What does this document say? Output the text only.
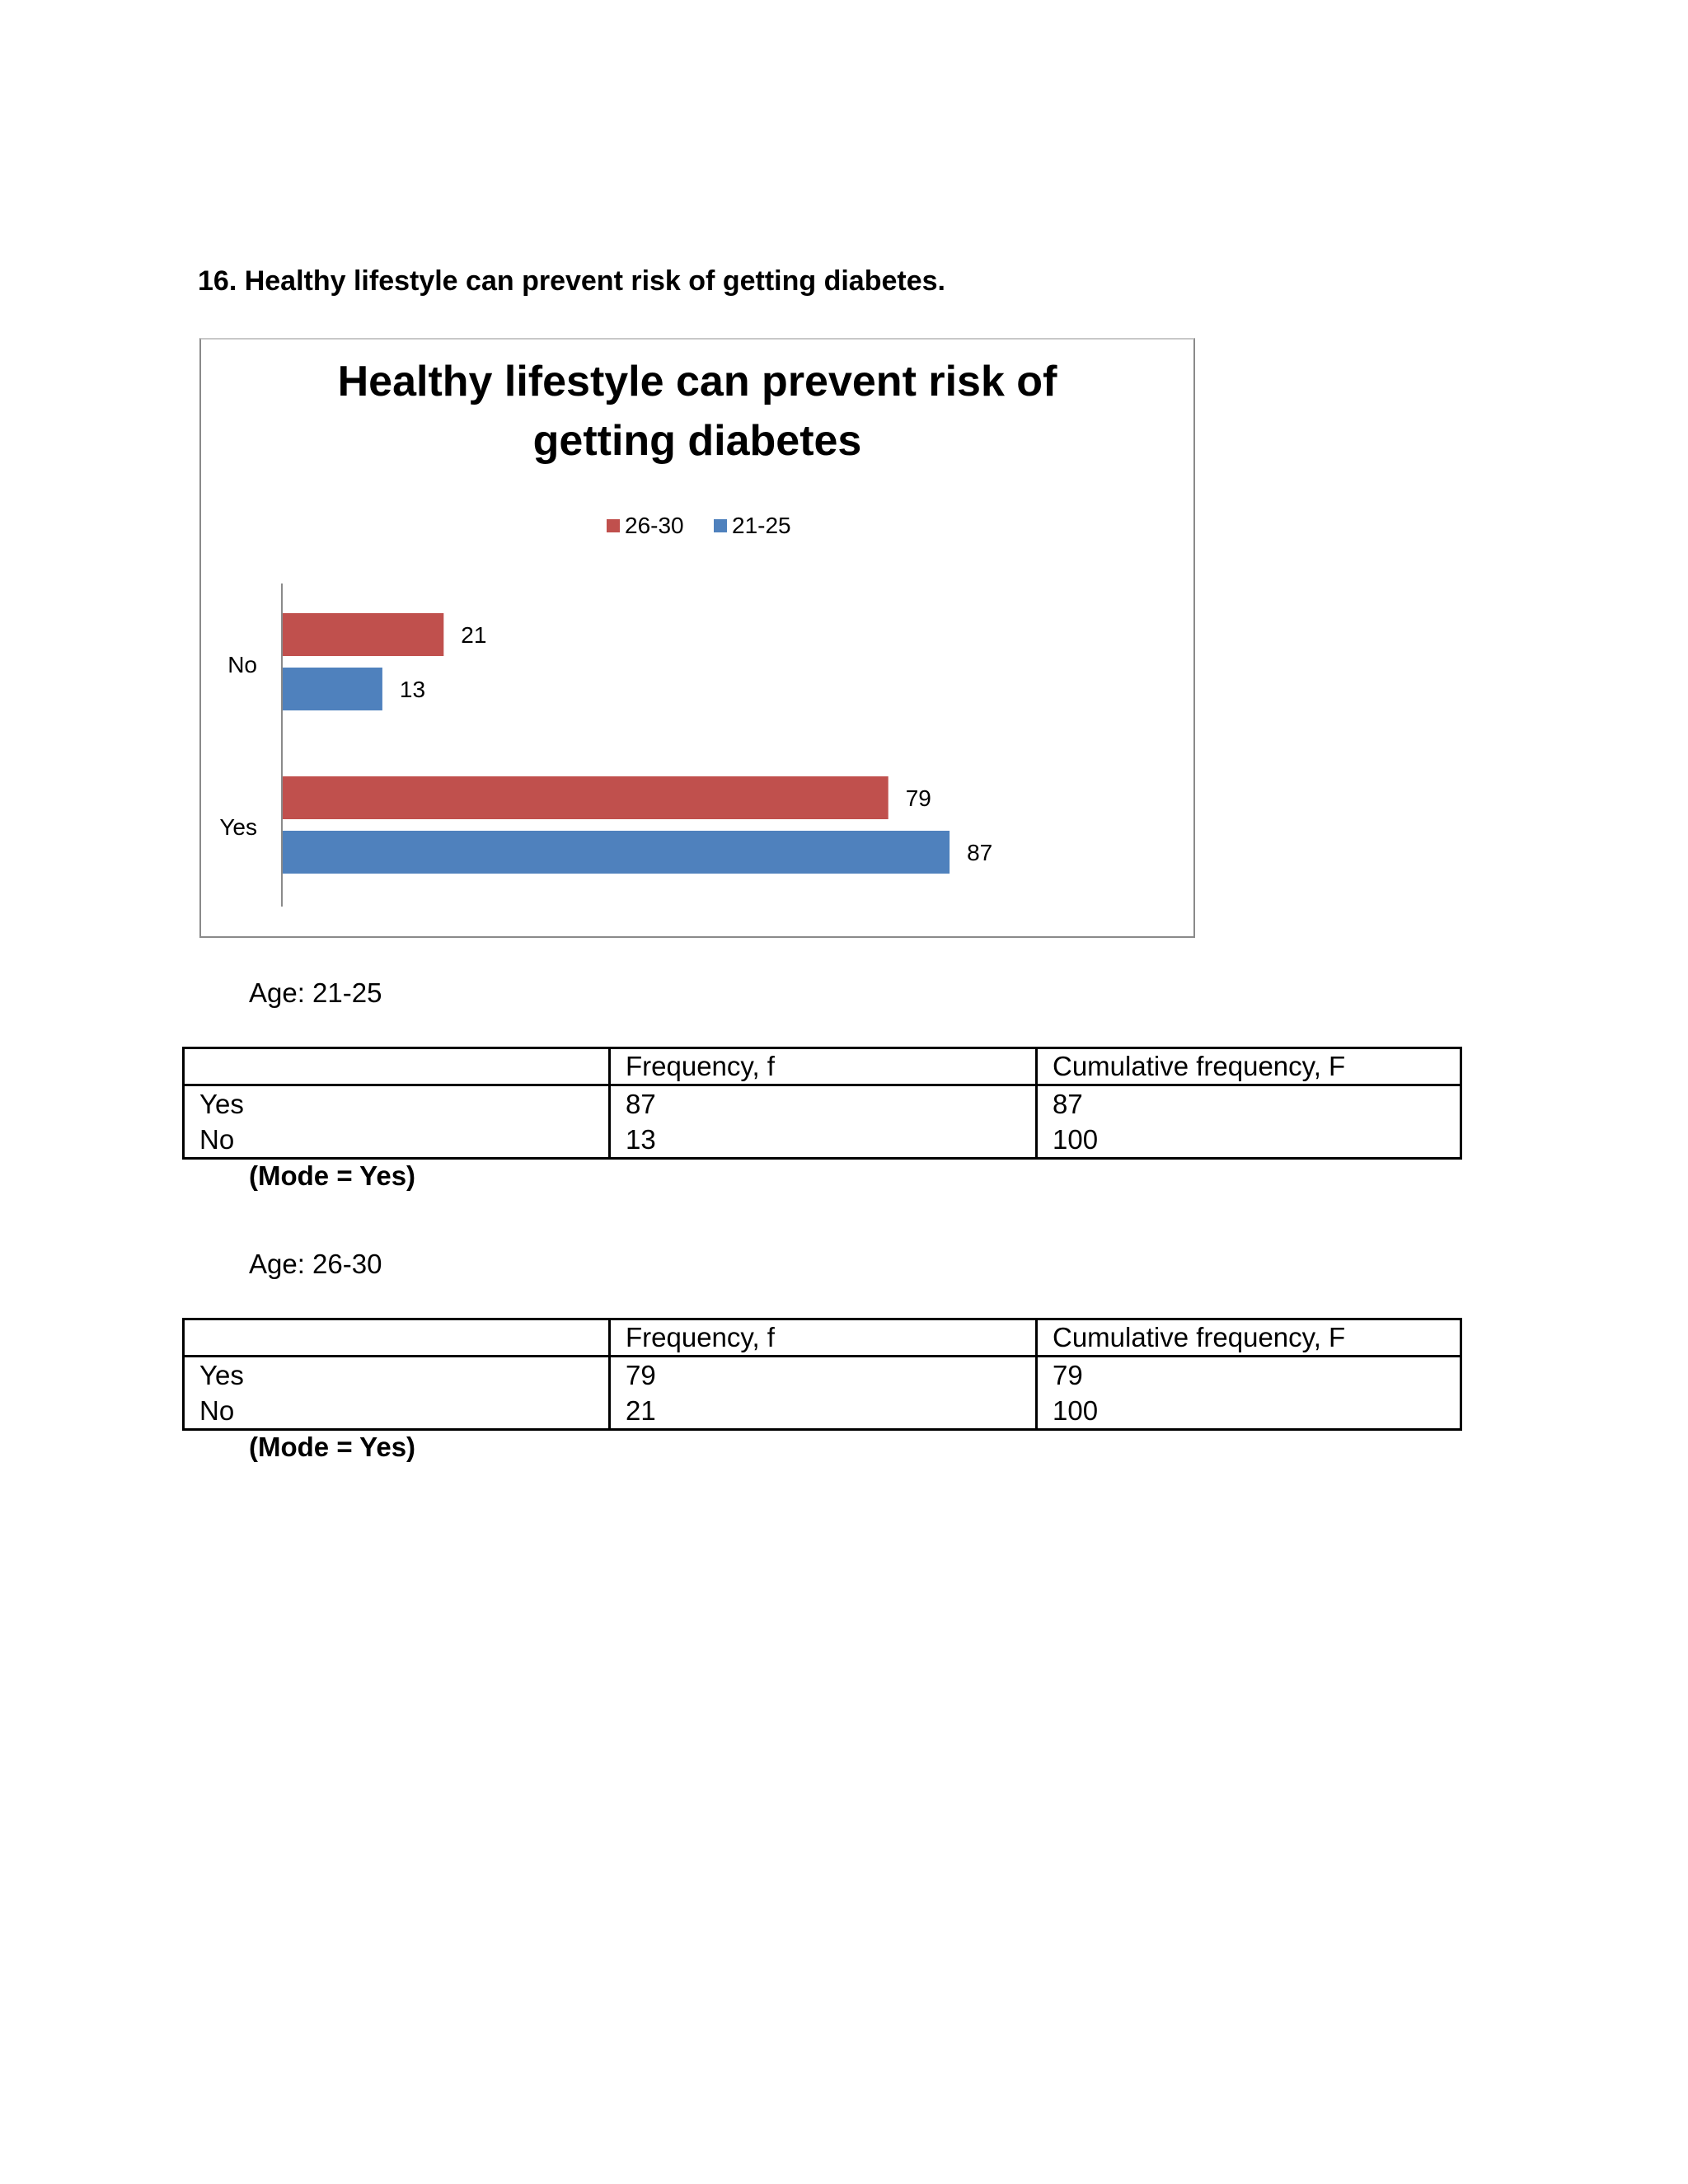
16. Healthy lifestyle can prevent risk of getting diabetes.
Healthy lifestyle can prevent risk of
getting diabetes
26-30 21-25
No
21
13
Yes
79
87
Age: 21-25
	Frequency, f	Cumulative frequency, F
Yes	87	87
No	13	100
(Mode = Yes)
Age: 26-30
	Frequency, f	Cumulative frequency, F
Yes	79	79
No	21	100
(Mode = Yes)
